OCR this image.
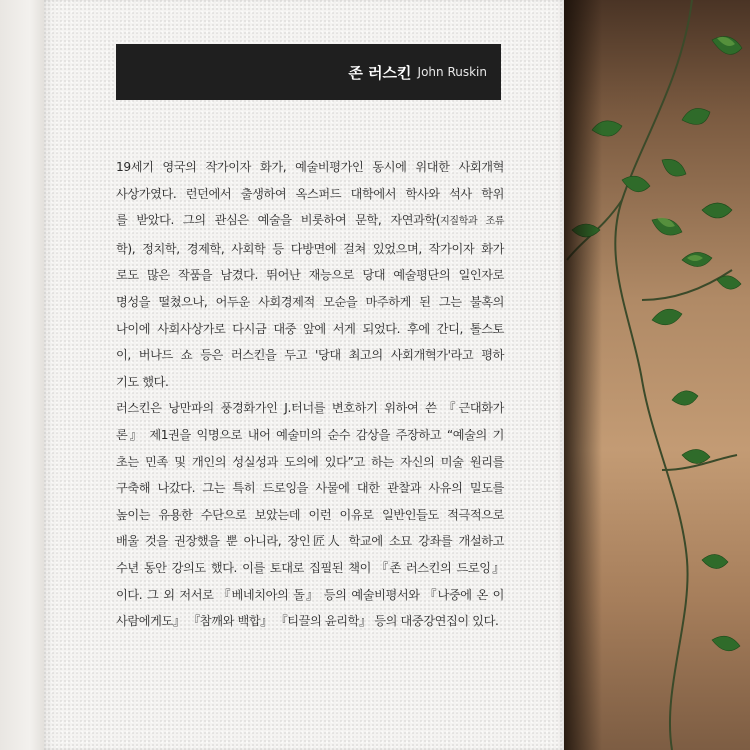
존 러스킨 John Ruskin
19세기 영국의 작가이자 화가, 예술비평가인 동시에 위대한 사회개혁
사상가였다. 런던에서 출생하여 옥스퍼드 대학에서 학사와 석사 학위
를 받았다. 그의 관심은 예술을 비롯하여 문학, 자연과학(지질학과 조류
학), 정치학, 경제학, 사회학 등 다방면에 걸쳐 있었으며, 작가이자 화가
로도 많은 작품을 남겼다. 뛰어난 재능으로 당대 예술평단의 일인자로
명성을 떨쳤으나, 어두운 사회경제적 모순을 마주하게 된 그는 불혹의
나이에 사회사상가로 다시금 대중 앞에 서게 되었다. 후에 간디, 톨스토
이, 버나드 쇼 등은 러스킨을 두고 '당대 최고의 사회개혁가'라고 평하
기도 했다.
러스킨은 낭만파의 풍경화가인 J.터너를 변호하기 위하여 쓴 『근대화가
론』 제1권을 익명으로 내어 예술미의 순수 감상을 주장하고 “예술의 기
초는 민족 및 개인의 성실성과 도의에 있다”고 하는 자신의 미술 원리를
구축해 나갔다. 그는 특히 드로잉을 사물에 대한 관찰과 사유의 밀도를
높이는 유용한 수단으로 보았는데 이런 이유로 일반인들도 적극적으로
배울 것을 권장했을 뿐 아니라, 장인匠人 학교에 소묘 강좌를 개설하고
수년 동안 강의도 했다. 이를 토대로 집필된 책이 『존 러스킨의 드로잉』
이다. 그 외 저서로 『베네치아의 돌』 등의 예술비평서와 『나중에 온 이
사람에게도』 『참깨와 백합』 『티끌의 윤리학』 등의 대중강연집이 있다.
